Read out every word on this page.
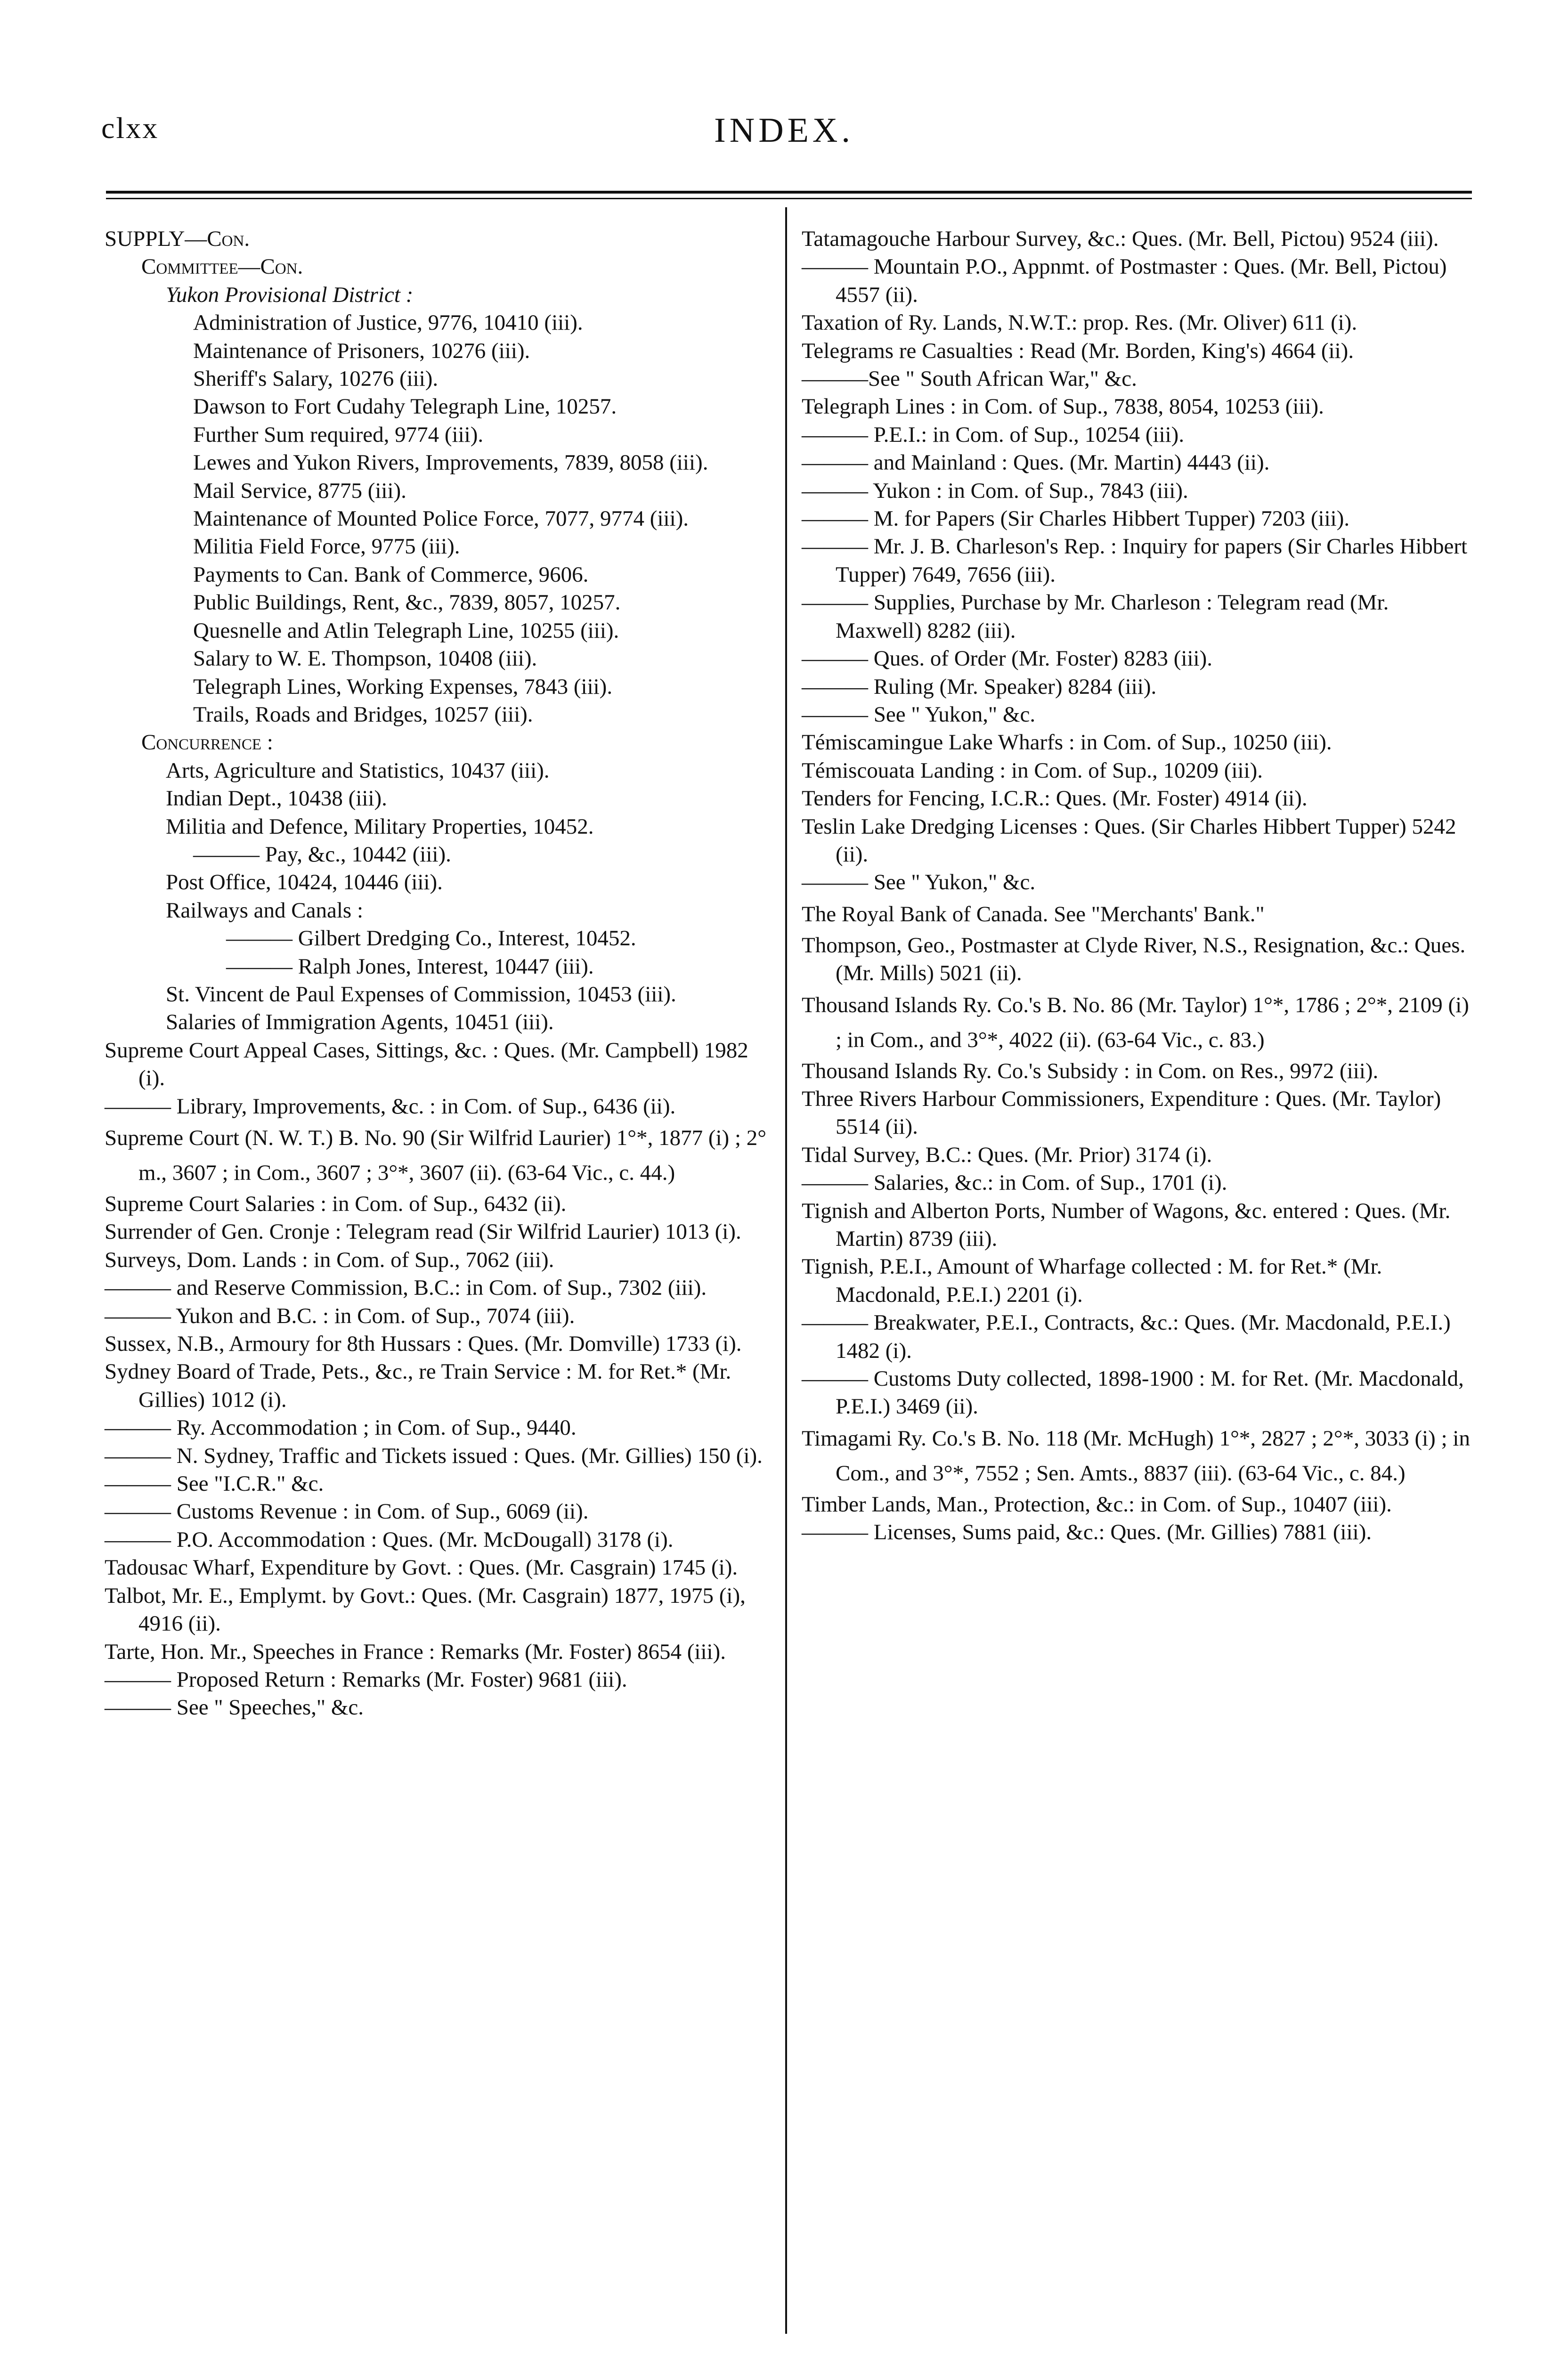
clxx	INDEX.

SUPPLY—Con.

Committee—Con.

Yukon Provisional District :

Administration of Justice, 9776, 10410 (iii).

Maintenance of Prisoners, 10276 (iii).

Sheriff's Salary, 10276 (iii).

Dawson to Fort Cudahy Telegraph Line, 10257.

Further Sum required, 9774 (iii).

Lewes and Yukon Rivers, Improvements, 7839, 8058 (iii).

Mail Service, 8775 (iii).

Maintenance of Mounted Police Force, 7077, 9774 (iii).

Militia Field Force, 9775 (iii).

Payments to Can. Bank of Commerce, 9606.

Public Buildings, Rent, &c., 7839, 8057, 10257.

Quesnelle and Atlin Telegraph Line, 10255 (iii).

Salary to W. E. Thompson, 10408 (iii).

Telegraph Lines, Working Expenses, 7843 (iii).

Trails, Roads and Bridges, 10257 (iii).

Concurrence :

Arts, Agriculture and Statistics, 10437 (iii).

Indian Dept., 10438 (iii).

Militia and Defence, Military Properties, 10452.

——— Pay, &c., 10442 (iii).

Post Office, 10424, 10446 (iii).

Railways and Canals :

——— Gilbert Dredging Co., Interest, 10452.

——— Ralph Jones, Interest, 10447 (iii).

St. Vincent de Paul Expenses of Commission, 10453 (iii).

Salaries of Immigration Agents, 10451 (iii).

Supreme Court Appeal Cases, Sittings, &c. : Ques. (Mr. Campbell) 1982 (i).

——— Library, Improvements, &c. : in Com. of Sup., 6436 (ii).

Supreme Court (N. W. T.) B. No. 90 (Sir Wilfrid Laurier) 1°*, 1877 (i) ; 2° m., 3607 ; in Com., 3607 ; 3°*, 3607 (ii). (63-64 Vic., c. 44.)

Supreme Court Salaries : in Com. of Sup., 6432 (ii).

Surrender of Gen. Cronje : Telegram read (Sir Wilfrid Laurier) 1013 (i).

Surveys, Dom. Lands : in Com. of Sup., 7062 (iii).

——— and Reserve Commission, B.C.: in Com. of Sup., 7302 (iii).

——— Yukon and B.C. : in Com. of Sup., 7074 (iii).

Sussex, N.B., Armoury for 8th Hussars : Ques. (Mr. Domville) 1733 (i).

Sydney Board of Trade, Pets., &c., re Train Service : M. for Ret.* (Mr. Gillies) 1012 (i).

——— Ry. Accommodation ; in Com. of Sup., 9440.

——— N. Sydney, Traffic and Tickets issued : Ques. (Mr. Gillies) 150 (i).

——— See "I.C.R." &c.

——— Customs Revenue : in Com. of Sup., 6069 (ii).

——— P.O. Accommodation : Ques. (Mr. McDougall) 3178 (i).

Tadousac Wharf, Expenditure by Govt. : Ques. (Mr. Casgrain) 1745 (i).

Talbot, Mr. E., Emplymt. by Govt.: Ques. (Mr. Casgrain) 1877, 1975 (i), 4916 (ii).

Tarte, Hon. Mr., Speeches in France : Remarks (Mr. Foster) 8654 (iii).

——— Proposed Return : Remarks (Mr. Foster) 9681 (iii).

——— See " Speeches," &c.

Tatamagouche Harbour Survey, &c.: Ques. (Mr. Bell, Pictou) 9524 (iii).

——— Mountain P.O., Appnmt. of Postmaster : Ques. (Mr. Bell, Pictou) 4557 (ii).

Taxation of Ry. Lands, N.W.T.: prop. Res. (Mr. Oliver) 611 (i).

Telegrams re Casualties : Read (Mr. Borden, King's) 4664 (ii).

———See " South African War," &c.

Telegraph Lines : in Com. of Sup., 7838, 8054, 10253 (iii).

——— P.E.I.: in Com. of Sup., 10254 (iii).

——— and Mainland : Ques. (Mr. Martin) 4443 (ii).

——— Yukon : in Com. of Sup., 7843 (iii).

——— M. for Papers (Sir Charles Hibbert Tupper) 7203 (iii).

——— Mr. J. B. Charleson's Rep. : Inquiry for papers (Sir Charles Hibbert Tupper) 7649, 7656 (iii).

——— Supplies, Purchase by Mr. Charleson : Telegram read (Mr. Maxwell) 8282 (iii).

——— Ques. of Order (Mr. Foster) 8283 (iii).

——— Ruling (Mr. Speaker) 8284 (iii).

——— See " Yukon," &c.

Témiscamingue Lake Wharfs : in Com. of Sup., 10250 (iii).

Témiscouata Landing : in Com. of Sup., 10209 (iii).

Tenders for Fencing, I.C.R.: Ques. (Mr. Foster) 4914 (ii).

Teslin Lake Dredging Licenses : Ques. (Sir Charles Hibbert Tupper) 5242 (ii).

——— See " Yukon," &c.

The Royal Bank of Canada. See "Merchants' Bank."

Thompson, Geo., Postmaster at Clyde River, N.S., Resignation, &c.: Ques. (Mr. Mills) 5021 (ii).

Thousand Islands Ry. Co.'s B. No. 86 (Mr. Taylor) 1°*, 1786 ; 2°*, 2109 (i) ; in Com., and 3°*, 4022 (ii). (63-64 Vic., c. 83.)

Thousand Islands Ry. Co.'s Subsidy : in Com. on Res., 9972 (iii).

Three Rivers Harbour Commissioners, Expenditure : Ques. (Mr. Taylor) 5514 (ii).

Tidal Survey, B.C.: Ques. (Mr. Prior) 3174 (i).

——— Salaries, &c.: in Com. of Sup., 1701 (i).

Tignish and Alberton Ports, Number of Wagons, &c. entered : Ques. (Mr. Martin) 8739 (iii).

Tignish, P.E.I., Amount of Wharfage collected : M. for Ret.* (Mr. Macdonald, P.E.I.) 2201 (i).

——— Breakwater, P.E.I., Contracts, &c.: Ques. (Mr. Macdonald, P.E.I.) 1482 (i).

——— Customs Duty collected, 1898-1900 : M. for Ret. (Mr. Macdonald, P.E.I.) 3469 (ii).

Timagami Ry. Co.'s B. No. 118 (Mr. McHugh) 1°*, 2827 ; 2°*, 3033 (i) ; in Com., and 3°*, 7552 ; Sen. Amts., 8837 (iii). (63-64 Vic., c. 84.)

Timber Lands, Man., Protection, &c.: in Com. of Sup., 10407 (iii).

——— Licenses, Sums paid, &c.: Ques. (Mr. Gillies) 7881 (iii).
